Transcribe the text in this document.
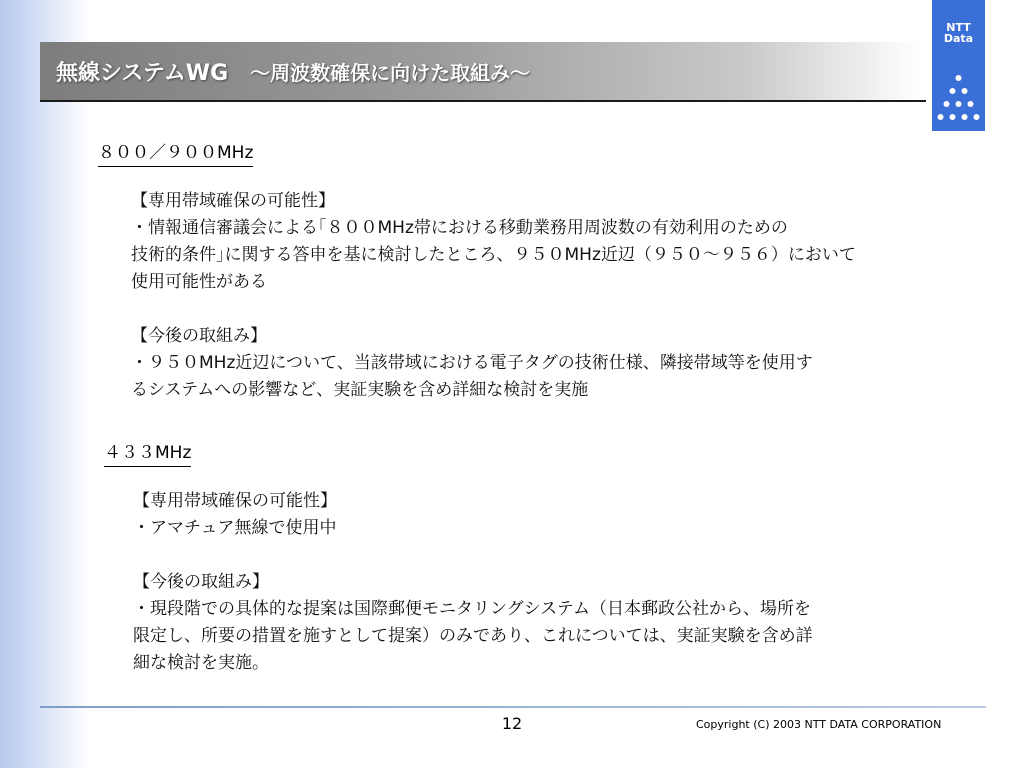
無線システムWG 〜周波数確保に向けた取組み〜
NTT
Data
８００／９００MHz

【専用帯域確保の可能性】

・情報通信審議会による｢８００MHz帯における移動業務用周波数の有効利用のための

技術的条件｣に関する答申を基に検討したところ、９５０MHz近辺（９５０〜９５６）において

使用可能性がある

【今後の取組み】

・９５０MHz近辺について、当該帯域における電子タグの技術仕様、隣接帯域等を使用す

るシステムへの影響など、実証実験を含め詳細な検討を実施

４３３MHz

【専用帯域確保の可能性】

・アマチュア無線で使用中

【今後の取組み】

・現段階での具体的な提案は国際郵便モニタリングシステム（日本郵政公社から、場所を

限定し、所要の措置を施すとして提案）のみであり、これについては、実証実験を含め詳

細な検討を実施。

12	Copyright (C) 2003 NTT DATA CORPORATION
